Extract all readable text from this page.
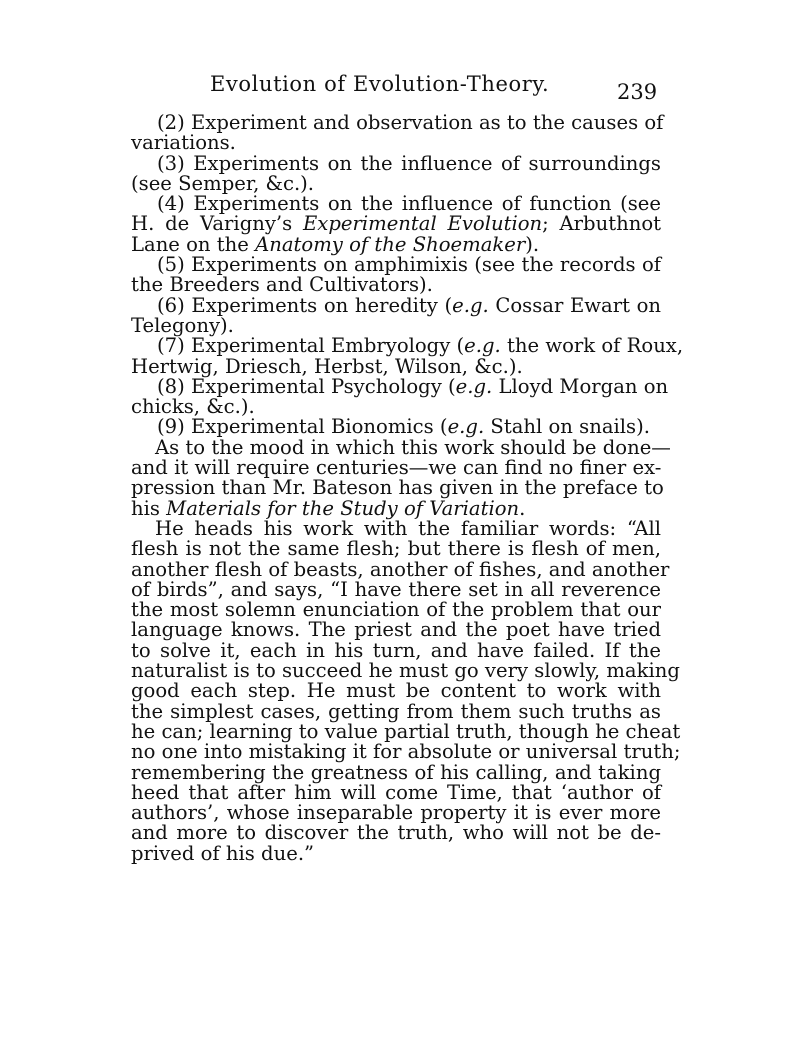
Evolution of Evolution-Theory.	239
(2) Experiment and observation as to the causes of
variations.
(3) Experiments on the influence of surroundings
(see Semper, &c.).
(4) Experiments on the influence of function (see
H. de Varigny’s Experimental Evolution; Arbuthnot
Lane on the Anatomy of the Shoemaker).
(5) Experiments on amphimixis (see the records of
the Breeders and Cultivators).
(6) Experiments on heredity (e.g. Cossar Ewart on
Telegony).
(7) Experimental Embryology (e.g. the work of Roux,
Hertwig, Driesch, Herbst, Wilson, &c.).
(8) Experimental Psychology (e.g. Lloyd Morgan on
chicks, &c.).
(9) Experimental Bionomics (e.g. Stahl on snails).
As to the mood in which this work should be done—
and it will require centuries—we can find no finer ex-
pression than Mr. Bateson has given in the preface to
his Materials for the Study of Variation.
He heads his work with the familiar words: “All
flesh is not the same flesh; but there is flesh of men,
another flesh of beasts, another of fishes, and another
of birds”, and says, “I have there set in all reverence
the most solemn enunciation of the problem that our
language knows. The priest and the poet have tried
to solve it, each in his turn, and have failed. If the
naturalist is to succeed he must go very slowly, making
good each step. He must be content to work with
the simplest cases, getting from them such truths as
he can; learning to value partial truth, though he cheat
no one into mistaking it for absolute or universal truth;
remembering the greatness of his calling, and taking
heed that after him will come Time, that ‘author of
authors’, whose inseparable property it is ever more
and more to discover the truth, who will not be de-
prived of his due.”
